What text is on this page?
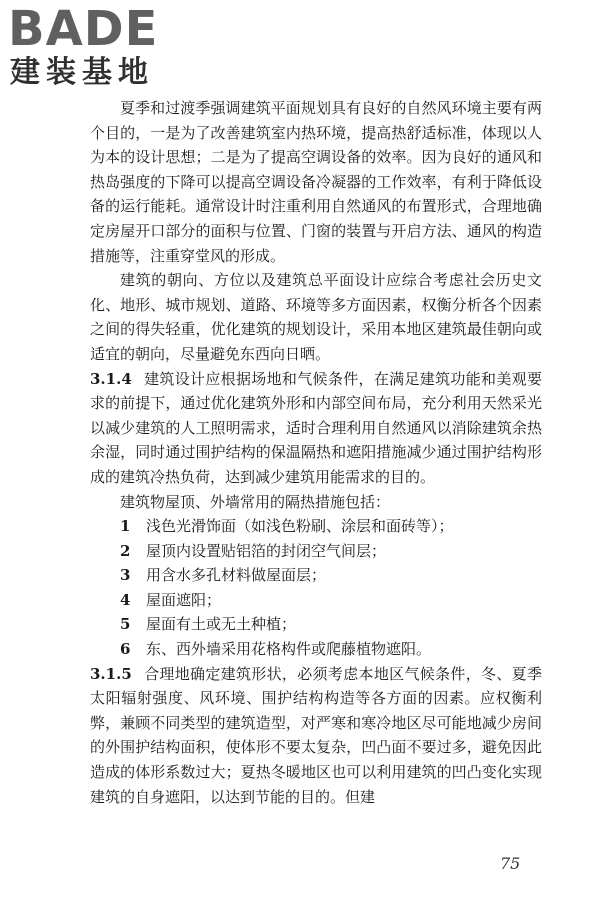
BADE
建装基地

夏季和过渡季强调建筑平面规划具有良好的自然风环境主要有两个目的，一是为了改善建筑室内热环境，提高热舒适标准，体现以人为本的设计思想；二是为了提高空调设备的效率。因为良好的通风和热岛强度的下降可以提高空调设备冷凝器的工作效率，有利于降低设备的运行能耗。通常设计时注重利用自然通风的布置形式，合理地确定房屋开口部分的面积与位置、门窗的装置与开启方法、通风的构造措施等，注重穿堂风的形成。

建筑的朝向、方位以及建筑总平面设计应综合考虑社会历史文化、地形、城市规划、道路、环境等多方面因素，权衡分析各个因素之间的得失轻重，优化建筑的规划设计，采用本地区建筑最佳朝向或适宜的朝向，尽量避免东西向日晒。

3.1.4 建筑设计应根据场地和气候条件，在满足建筑功能和美观要求的前提下，通过优化建筑外形和内部空间布局，充分利用天然采光以减少建筑的人工照明需求，适时合理利用自然通风以消除建筑余热余湿，同时通过围护结构的保温隔热和遮阳措施减少通过围护结构形成的建筑冷热负荷，达到减少建筑用能需求的目的。

建筑物屋顶、外墙常用的隔热措施包括：

1 浅色光滑饰面（如浅色粉刷、涂层和面砖等）；
2 屋顶内设置贴铝箔的封闭空气间层；
3 用含水多孔材料做屋面层；
4 屋面遮阳；
5 屋面有土或无土种植；
6 东、西外墙采用花格构件或爬藤植物遮阳。

3.1.5 合理地确定建筑形状，必须考虑本地区气候条件，冬、夏季太阳辐射强度、风环境、围护结构构造等各方面的因素。应权衡利弊，兼顾不同类型的建筑造型，对严寒和寒冷地区尽可能地减少房间的外围护结构面积，使体形不要太复杂，凹凸面不要过多，避免因此造成的体形系数过大；夏热冬暖地区也可以利用建筑的凹凸变化实现建筑的自身遮阳，以达到节能的目的。但建

75
